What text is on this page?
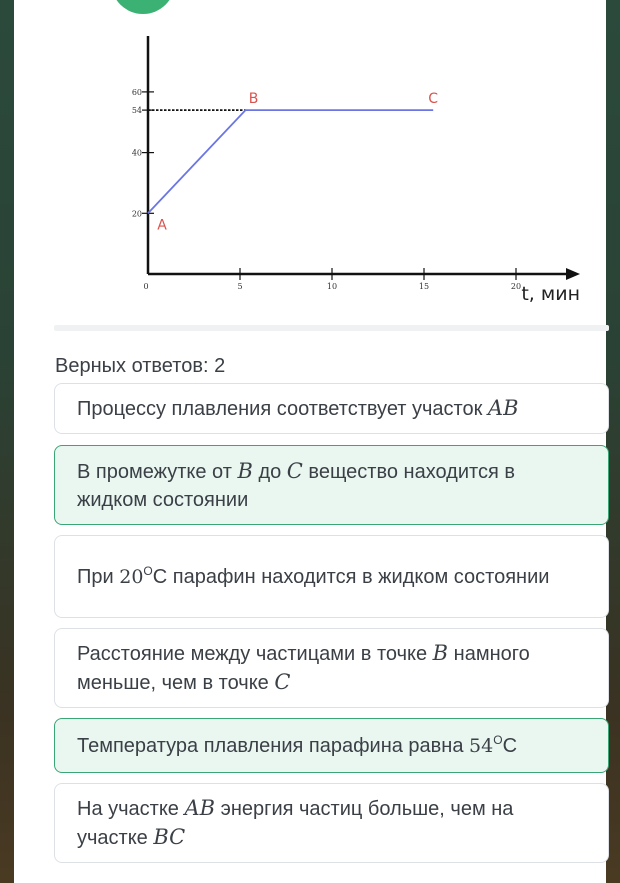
20
40
54
60
0	5	10	15	20 t, мин
A
B	C
Верных ответов: 2
Процессу плавления соответствует участок AB
В промежутке от B до C вещество находится в жидком состоянии
При $20^OC$ парафин находится в жидком состоянии
Расстояние между частицами в точке B намного меньше, чем в точке C
Температура плавления парафина равна $54^OC$
На участке AB энергия частиц больше, чем на участке BC
